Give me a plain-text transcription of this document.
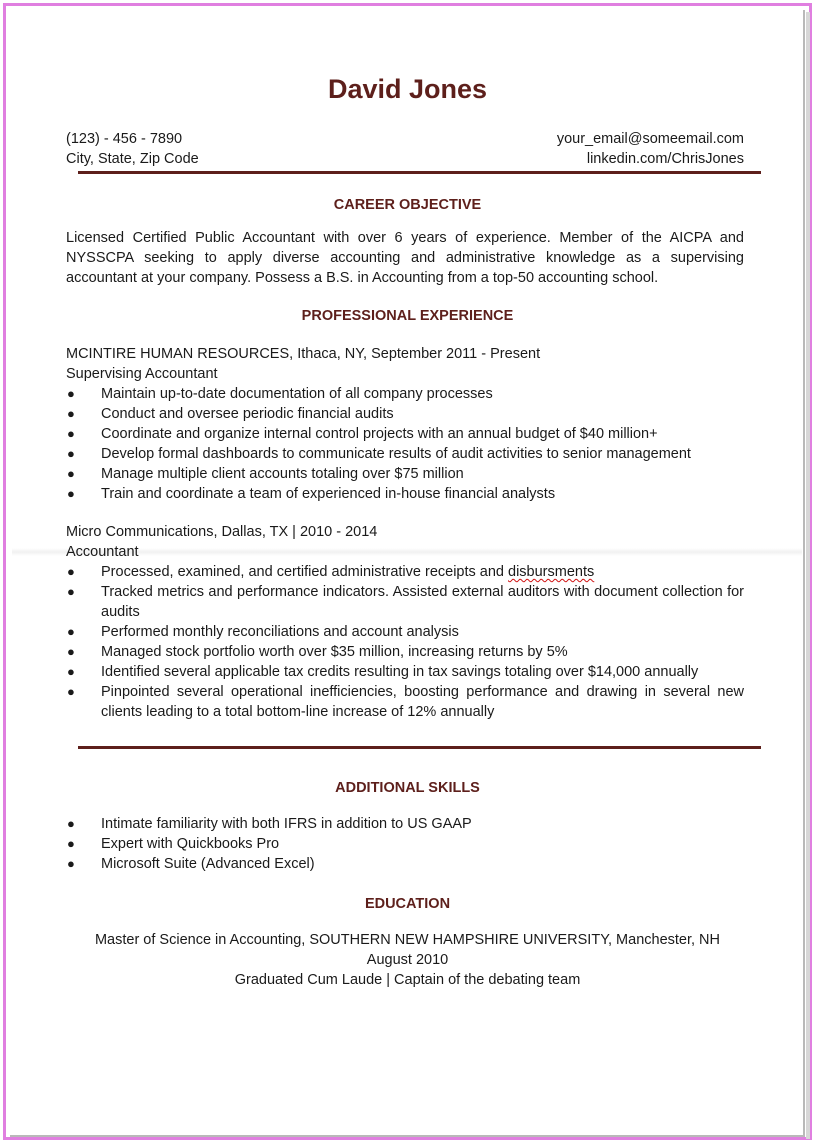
David Jones
(123) - 456 - 7890
City, State, Zip Code
your_email@someemail.com
linkedin.com/ChrisJones
CAREER OBJECTIVE

Licensed Certified Public Accountant with over 6 years of experience. Member of the AICPA and NYSSCPA seeking to apply diverse accounting and administrative knowledge as a supervising accountant at your company. Possess a B.S. in Accounting from a top-50 accounting school.

PROFESSIONAL EXPERIENCE
MCINTIRE HUMAN RESOURCES, Ithaca, NY, September 2011 - Present
Supervising Accountant
● Maintain up-to-date documentation of all company processes
● Conduct and oversee periodic financial audits
● Coordinate and organize internal control projects with an annual budget of $40 million+
● Develop formal dashboards to communicate results of audit activities to senior management
● Manage multiple client accounts totaling over $75 million
● Train and coordinate a team of experienced in-house financial analysts
Micro Communications, Dallas, TX | 2010 - 2014
Accountant
● Processed, examined, and certified administrative receipts and disbursments
● Tracked metrics and performance indicators. Assisted external auditors with document collection for audits
● Performed monthly reconciliations and account analysis
● Managed stock portfolio worth over $35 million, increasing returns by 5%
● Identified several applicable tax credits resulting in tax savings totaling over $14,000 annually
● Pinpointed several operational inefficiencies, boosting performance and drawing in several new clients leading to a total bottom-line increase of 12% annually
ADDITIONAL SKILLS
● Intimate familiarity with both IFRS in addition to US GAAP
● Expert with Quickbooks Pro
● Microsoft Suite (Advanced Excel)
EDUCATION
Master of Science in Accounting, SOUTHERN NEW HAMPSHIRE UNIVERSITY, Manchester, NH
August 2010
Graduated Cum Laude | Captain of the debating team
